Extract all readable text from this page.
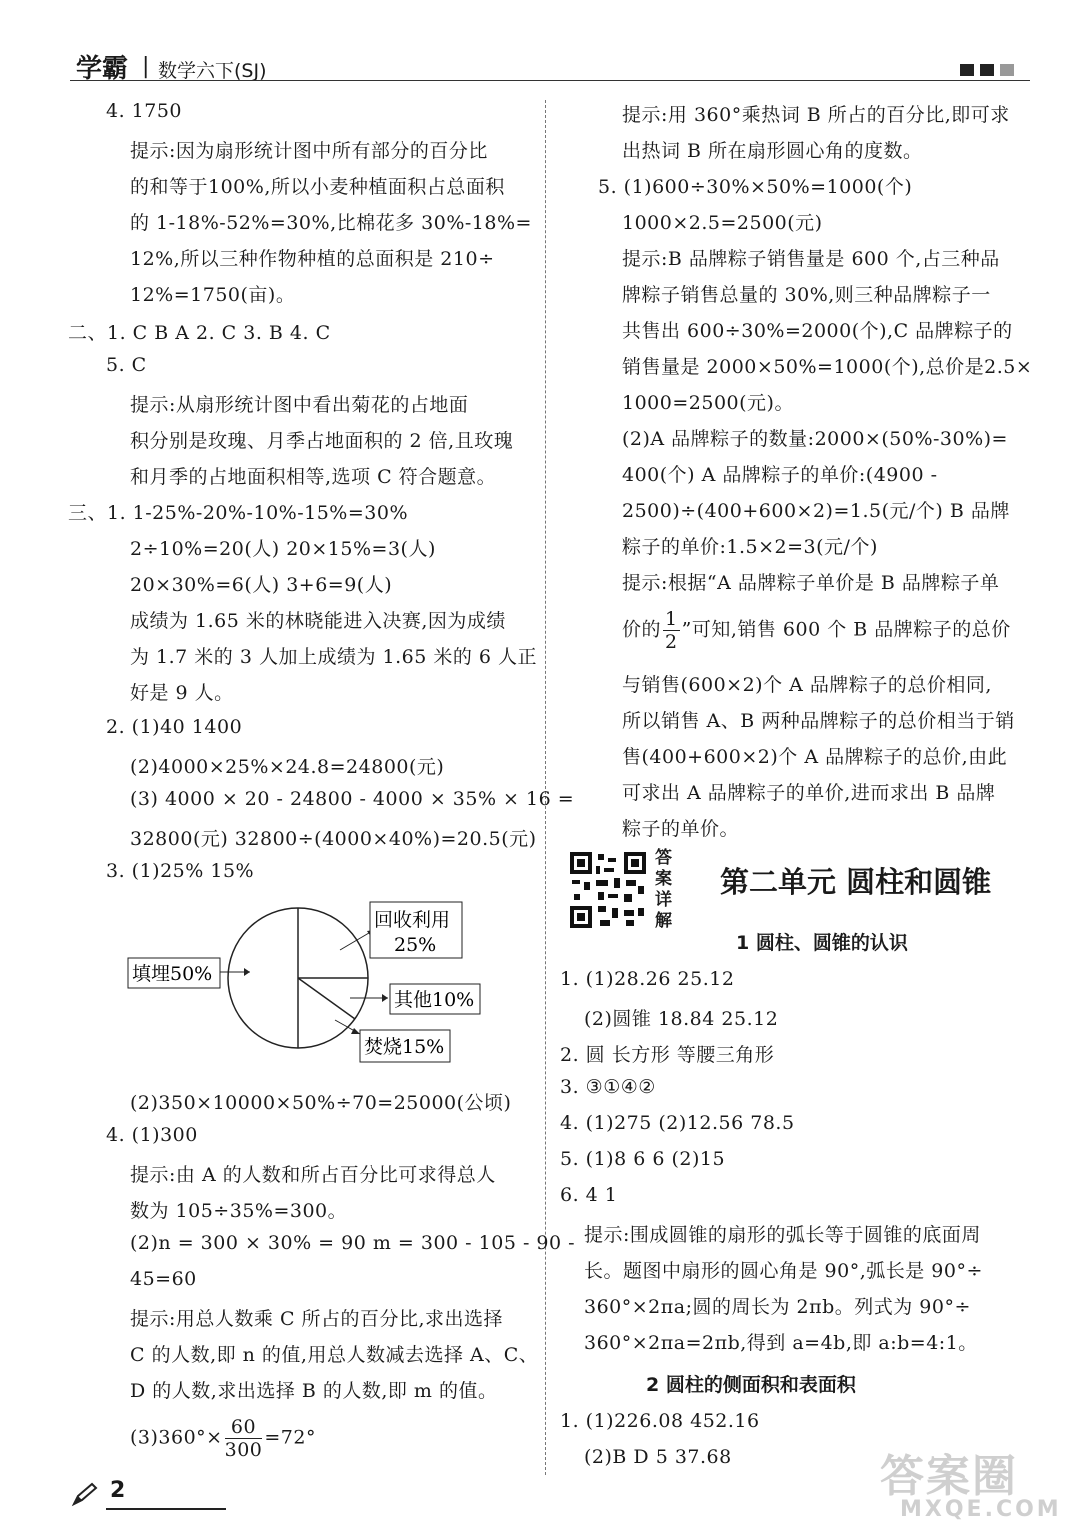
学霸 | 数学六下(SJ)
4. 1750
提示:因为扇形统计图中所有部分的百分比
的和等于100%,所以小麦种植面积占总面积
的 1-18%-52%=30%,比棉花多 30%-18%=
12%,所以三种作物种植的总面积是 210÷
12%=1750(亩)。
二、1. C B A 2. C 3. B 4. C
5. C
提示:从扇形统计图中看出菊花的占地面
积分别是玫瑰、月季占地面积的 2 倍,且玫瑰
和月季的占地面积相等,选项 C 符合题意。
三、1. 1-25%-20%-10%-15%=30%
2÷10%=20(人) 20×15%=3(人)
20×30%=6(人) 3+6=9(人)
成绩为 1.65 米的林晓能进入决赛,因为成绩
为 1.7 米的 3 人加上成绩为 1.65 米的 6 人正
好是 9 人。
2. (1)40 1400
(2)4000×25%×24.8=24800(元)
(3) 4000 × 20 - 24800 - 4000 × 35% × 16 =
32800(元) 32800÷(4000×40%)=20.5(元)
3. (1)25% 15%
回收利用
25%
填埋50%
其他10%
焚烧15%
(2)350×10000×50%÷70=25000(公顷)
4. (1)300
提示:由 A 的人数和所占百分比可求得总人
数为 105÷35%=300。
(2)n = 300 × 30% = 90 m = 300 - 105 - 90 -
45=60
提示:用总人数乘 C 所占的百分比,求出选择
C 的人数,即 n 的值,用总人数减去选择 A、C、
D 的人数,求出选择 B 的人数,即 m 的值。
$(3)360^\circ\times \frac{60}{300} =72^\circ$
提示:用 360°乘热词 B 所占的百分比,即可求
出热词 B 所在扇形圆心角的度数。
5. (1)600÷30%×50%=1000(个)
1000×2.5=2500(元)
提示:B 品牌粽子销售量是 600 个,占三种品
牌粽子销售总量的 30%,则三种品牌粽子一
共售出 600÷30%=2000(个),C 品牌粽子的
销售量是 2000×50%=1000(个),总价是2.5×
1000=2500(元)。
(2)A 品牌粽子的数量:2000×(50%-30%)=
400(个) A 品牌粽子的单价:(4900 -
2500)÷(400+600×2)=1.5(元/个) B 品牌
粽子的单价:1.5×2=3(元/个)
提示:根据“A 品牌粽子单价是 B 品牌粽子单
价的 $\frac{1}{2}$ ”可知,销售 600 个 B 品牌粽子的总价
与销售(600×2)个 A 品牌粽子的总价相同,
所以销售 A、B 两种品牌粽子的总价相当于销
售(400+600×2)个 A 品牌粽子的总价,由此
可求出 A 品牌粽子的单价,进而求出 B 品牌
粽子的单价。
答案详解
第二单元 圆柱和圆锥
1 圆柱、圆锥的认识
1. (1)28.26 25.12
(2)圆锥 18.84 25.12
2. 圆 长方形 等腰三角形
3. ③①④②
4. (1)275 (2)12.56 78.5
5. (1)8 6 6 (2)15
6. 4 1
提示:围成圆锥的扇形的弧长等于圆锥的底面周
长。题图中扇形的圆心角是 90°,弧长是 90°÷
360°×2πa;圆的周长为 2πb。列式为 90°÷
360°×2πa=2πb,得到 a=4b,即 a:b=4:1。
2 圆柱的侧面积和表面积
1. (1)226.08 452.16
(2)B D 5 37.68
2	答案圈
MXQE.COM
